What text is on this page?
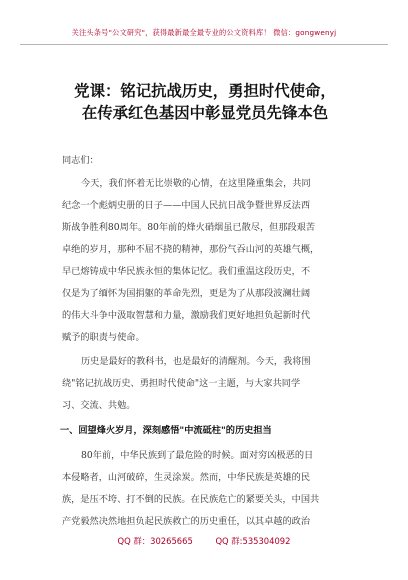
关注头条号"公文研究"，获得最新最全最专业的公文资料库！ 微信：gongwenyj
党课：铭记抗战历史，勇担时代使命，
在传承红色基因中彰显党员先锋本色
同志们：
今天，我们怀着无比崇敬的心情，在这里隆重集会，共同
纪念一个彪炳史册的日子——中国人民抗日战争暨世界反法西
斯战争胜利80周年。80年前的烽火硝烟虽已散尽，但那段艰苦
卓绝的岁月，那种不屈不挠的精神，那份气吞山河的英雄气概，
早已熔铸成中华民族永恒的集体记忆。我们重温这段历史，不
仅是为了缅怀为国捐躯的革命先烈，更是为了从那段波澜壮阔
的伟大斗争中汲取智慧和力量，激励我们更好地担负起新时代
赋予的职责与使命。
历史是最好的教科书，也是最好的清醒剂。今天，我将围
绕"铭记抗战历史、勇担时代使命"这一主题，与大家共同学
习、交流、共勉。
一、回望烽火岁月，深刻感悟"中流砥柱"的历史担当
80年前，中华民族到了最危险的时候。面对穷凶极恶的日
本侵略者，山河破碎，生灵涂炭。然而，中华民族是英雄的民
族，是压不垮、打不倒的民族。在民族危亡的紧要关头，中国共
产党毅然决然地担负起民族救亡的历史重任，以其卓越的政治
QQ 群：30265665	QQ 群:535304092
